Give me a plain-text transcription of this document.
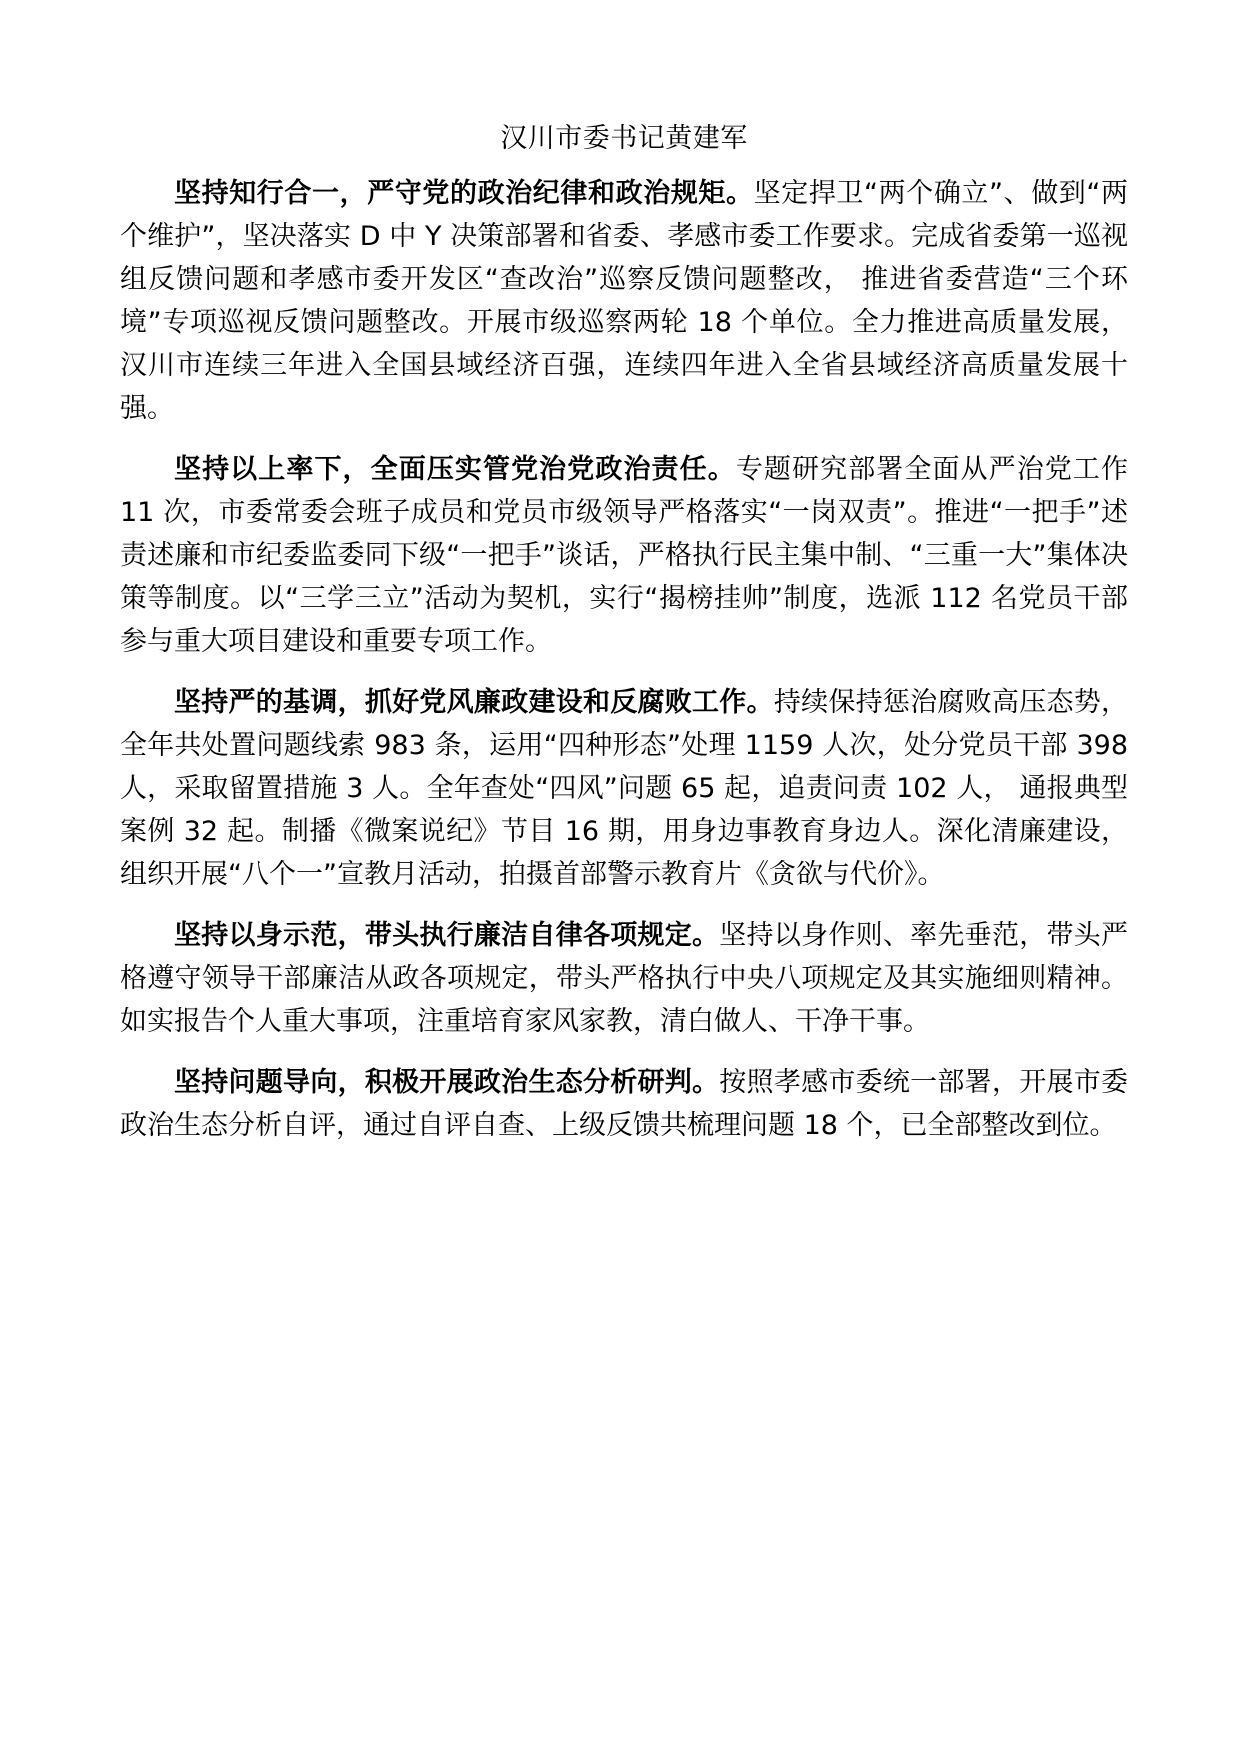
汉川市委书记黄建军

坚持知行合一，严守党的政治纪律和政治规矩。坚定捍卫“两个确立”、做到“两个维护”，坚决落实 D 中 Y 决策部署和省委、孝感市委工作要求。完成省委第一巡视组反馈问题和孝感市委开发区“查改治”巡察反馈问题整改， 推进省委营造“三个环境”专项巡视反馈问题整改。开展市级巡察两轮 18 个单位。全力推进高质量发展，汉川市连续三年进入全国县域经济百强，连续四年进入全省县域经济高质量发展十强。

坚持以上率下，全面压实管党治党政治责任。专题研究部署全面从严治党工作 11 次，市委常委会班子成员和党员市级领导严格落实“一岗双责”。推进“一把手”述责述廉和市纪委监委同下级“一把手”谈话，严格执行民主集中制、“三重一大”集体决策等制度。以“三学三立”活动为契机，实行“揭榜挂帅”制度，选派 112 名党员干部参与重大项目建设和重要专项工作。

坚持严的基调，抓好党风廉政建设和反腐败工作。持续保持惩治腐败高压态势，全年共处置问题线索 983 条，运用“四种形态”处理 1159 人次，处分党员干部 398 人，采取留置措施 3 人。全年查处“四风”问题 65 起，追责问责 102 人， 通报典型案例 32 起。制播《微案说纪》节目 16 期，用身边事教育身边人。深化清廉建设，组织开展“八个一”宣教月活动，拍摄首部警示教育片《贪欲与代价》。

坚持以身示范，带头执行廉洁自律各项规定。坚持以身作则、率先垂范，带头严格遵守领导干部廉洁从政各项规定，带头严格执行中央八项规定及其实施细则精神。如实报告个人重大事项，注重培育家风家教，清白做人、干净干事。

坚持问题导向，积极开展政治生态分析研判。按照孝感市委统一部署，开展市委政治生态分析自评，通过自评自查、上级反馈共梳理问题 18 个，已全部整改到位。
